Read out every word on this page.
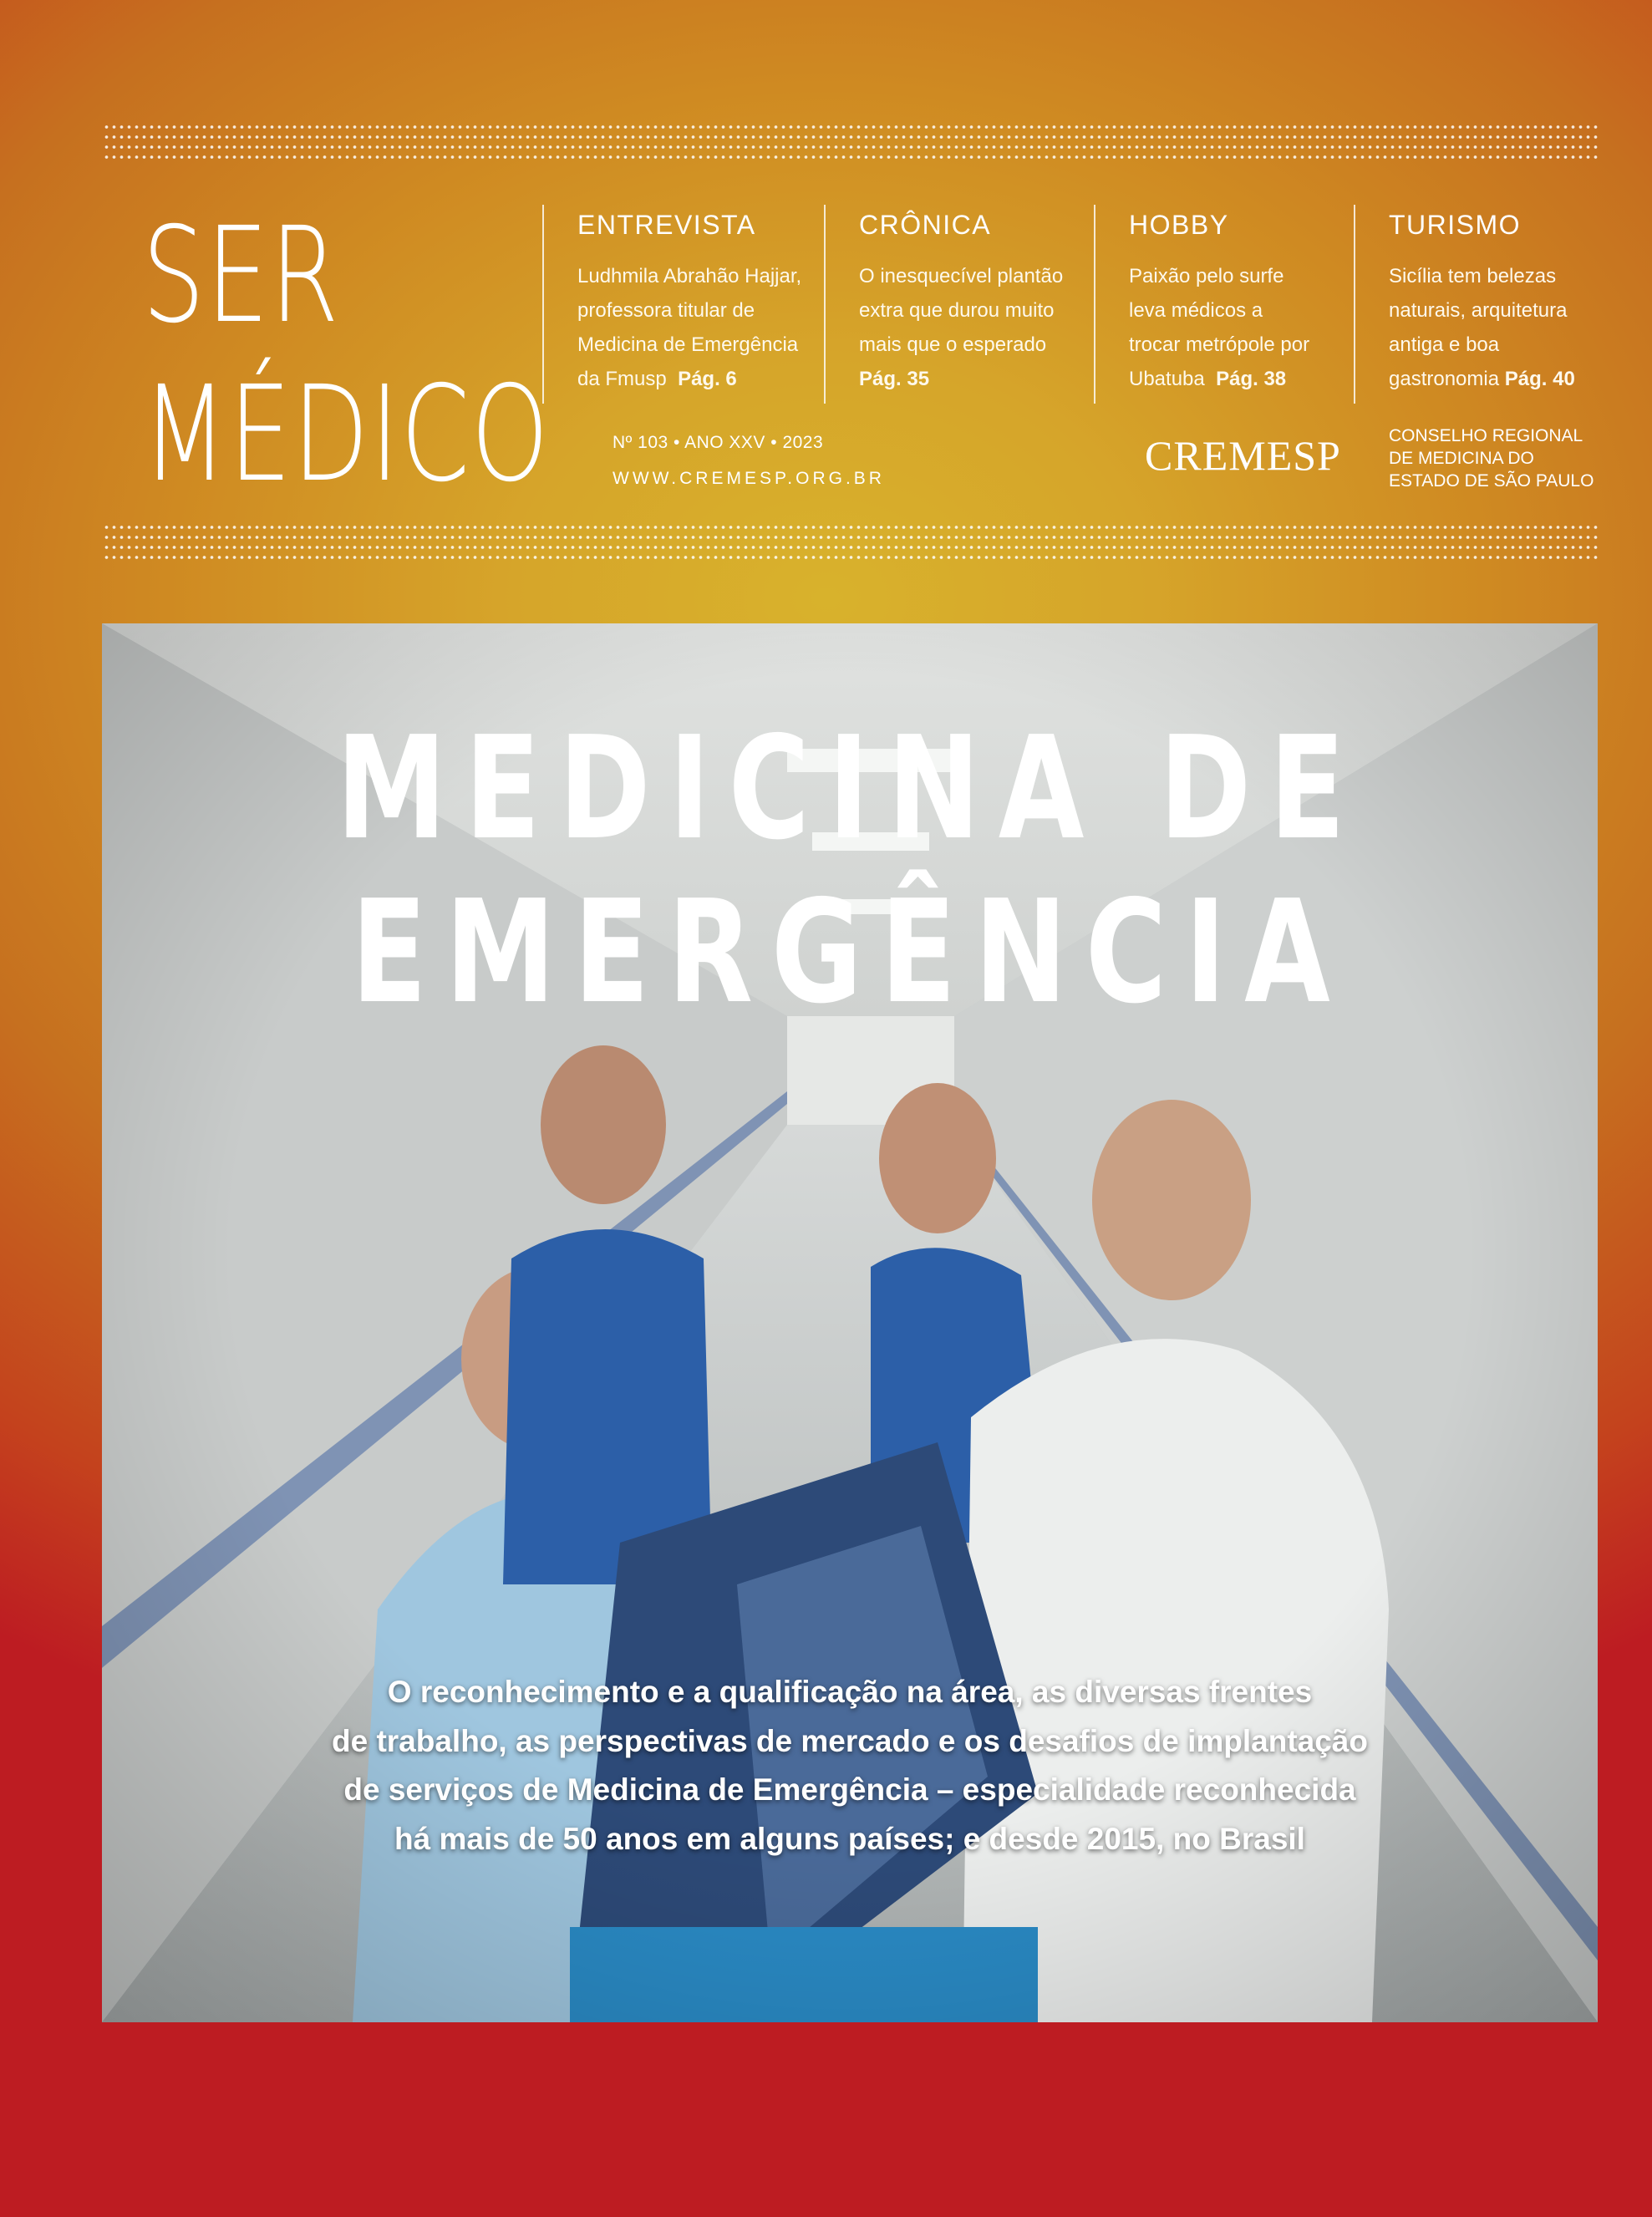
SER
MÉDICO
ENTREVISTA
Ludhmila Abrahão Hajjar,
professora titular de
Medicina de Emergência
da Fmusp Pág. 6
CRÔNICA
O inesquecível plantão
extra que durou muito
mais que o esperado
Pág. 35
HOBBY
Paixão pelo surfe
leva médicos a
trocar metrópole por
Ubatuba Pág. 38
TURISMO
Sicília tem belezas
naturais, arquitetura
antiga e boa
gastronomia Pág. 40
Nº 103 • ANO XXV • 2023
WWW.CREMESP.ORG.BR	CREMESP	CONSELHO REGIONAL
DE MEDICINA DO
ESTADO DE SÃO PAULO
MEDICINA DE
EMERGÊNCIA
O reconhecimento e a qualificação na área, as diversas frentes
de trabalho, as perspectivas de mercado e os desafios de implantação
de serviços de Medicina de Emergência – especialidade reconhecida
há mais de 50 anos em alguns países; e desde 2015, no Brasil
